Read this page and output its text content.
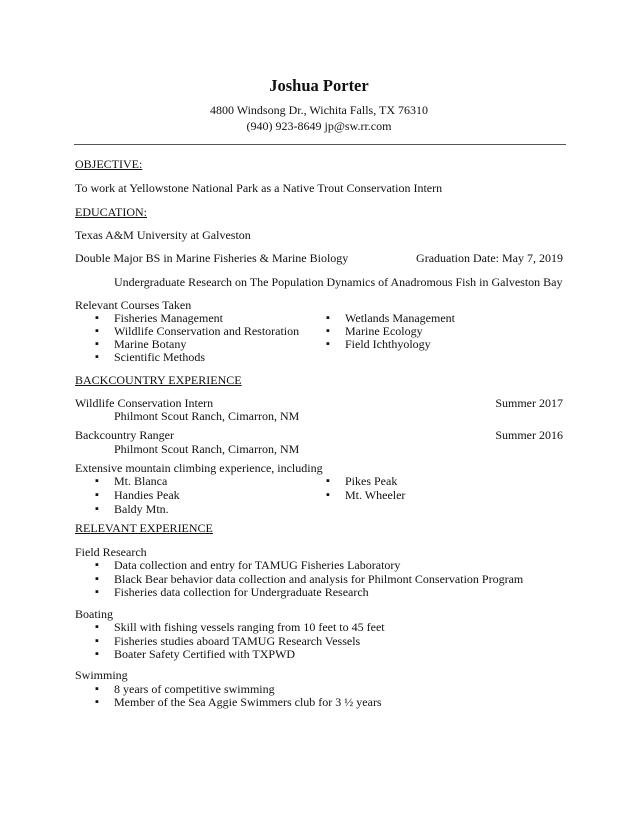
Joshua Porter
4800 Windsong Dr., Wichita Falls, TX 76310
(940) 923-8649 jp@sw.rr.com
OBJECTIVE:
To work at Yellowstone National Park as a Native Trout Conservation Intern
EDUCATION:
Texas A&M University at Galveston
Double Major BS in Marine Fisheries & Marine Biology	Graduation Date: May 7, 2019
Undergraduate Research on The Population Dynamics of Anadromous Fish in Galveston Bay
Relevant Courses Taken
▪ Fisheries Management
▪ Wildlife Conservation and Restoration
▪ Marine Botany
▪ Scientific Methods
▪ Wetlands Management
▪ Marine Ecology
▪ Field Ichthyology
BACKCOUNTRY EXPERIENCE
Wildlife Conservation Intern	Summer 2017
Philmont Scout Ranch, Cimarron, NM
Backcountry Ranger	Summer 2016
Philmont Scout Ranch, Cimarron, NM
Extensive mountain climbing experience, including
▪ Mt. Blanca
▪ Handies Peak
▪ Baldy Mtn.
▪ Pikes Peak
▪ Mt. Wheeler
RELEVANT EXPERIENCE
Field Research
▪ Data collection and entry for TAMUG Fisheries Laboratory
▪ Black Bear behavior data collection and analysis for Philmont Conservation Program
▪ Fisheries data collection for Undergraduate Research
Boating
▪ Skill with fishing vessels ranging from 10 feet to 45 feet
▪ Fisheries studies aboard TAMUG Research Vessels
▪ Boater Safety Certified with TXPWD
Swimming
▪ 8 years of competitive swimming
▪ Member of the Sea Aggie Swimmers club for 3 ½ years
